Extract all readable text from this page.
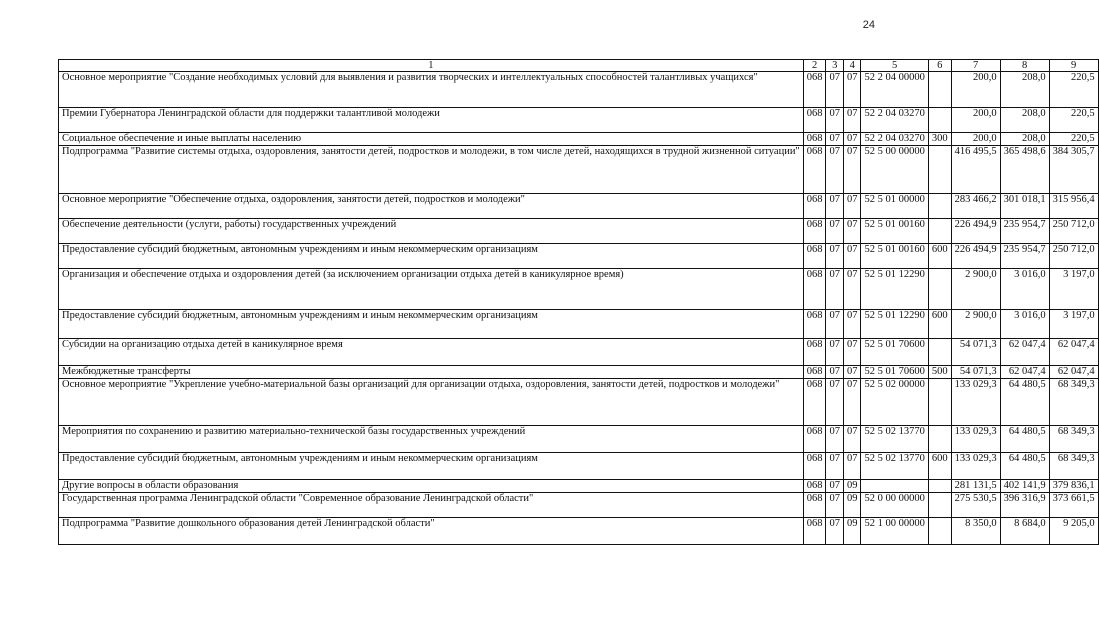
24
1	2	3	4	5	6	7	8	9
Основное мероприятие "Создание необходимых условий для выявления и развития творческих и интеллектуальных способностей талантливых учащихся"	068	07	07	52 2 04 00000		200,0	208,0	220,5
Премии Губернатора Ленинградской области для поддержки талантливой молодежи	068	07	07	52 2 04 03270		200,0	208,0	220,5
Социальное обеспечение и иные выплаты населению	068	07	07	52 2 04 03270	300	200,0	208,0	220,5
Подпрограмма "Развитие системы отдыха, оздоровления, занятости детей, подростков и молодежи, в том числе детей, находящихся в трудной жизненной ситуации"	068	07	07	52 5 00 00000		416 495,5	365 498,6	384 305,7
Основное мероприятие "Обеспечение отдыха, оздоровления, занятости детей, подростков и молодежи"	068	07	07	52 5 01 00000		283 466,2	301 018,1	315 956,4
Обеспечение деятельности (услуги, работы) государственных учреждений	068	07	07	52 5 01 00160		226 494,9	235 954,7	250 712,0
Предоставление субсидий бюджетным, автономным учреждениям и иным некоммерческим организациям	068	07	07	52 5 01 00160	600	226 494,9	235 954,7	250 712,0
Организация и обеспечение отдыха и оздоровления детей (за исключением организации отдыха детей в каникулярное время)	068	07	07	52 5 01 12290		2 900,0	3 016,0	3 197,0
Предоставление субсидий бюджетным, автономным учреждениям и иным некоммерческим организациям	068	07	07	52 5 01 12290	600	2 900,0	3 016,0	3 197,0
Субсидии на организацию отдыха детей в каникулярное время	068	07	07	52 5 01 70600		54 071,3	62 047,4	62 047,4
Межбюджетные трансферты	068	07	07	52 5 01 70600	500	54 071,3	62 047,4	62 047,4
Основное мероприятие "Укрепление учебно-материальной базы организаций для организации отдыха, оздоровления, занятости детей, подростков и молодежи"	068	07	07	52 5 02 00000		133 029,3	64 480,5	68 349,3
Мероприятия по сохранению и развитию материально-технической базы государственных учреждений	068	07	07	52 5 02 13770		133 029,3	64 480,5	68 349,3
Предоставление субсидий бюджетным, автономным учреждениям и иным некоммерческим организациям	068	07	07	52 5 02 13770	600	133 029,3	64 480,5	68 349,3
Другие вопросы в области образования	068	07	09			281 131,5	402 141,9	379 836,1
Государственная программа Ленинградской области "Современное образование Ленинградской области"	068	07	09	52 0 00 00000		275 530,5	396 316,9	373 661,5
Подпрограмма "Развитие дошкольного образования детей Ленинградской области"	068	07	09	52 1 00 00000		8 350,0	8 684,0	9 205,0
